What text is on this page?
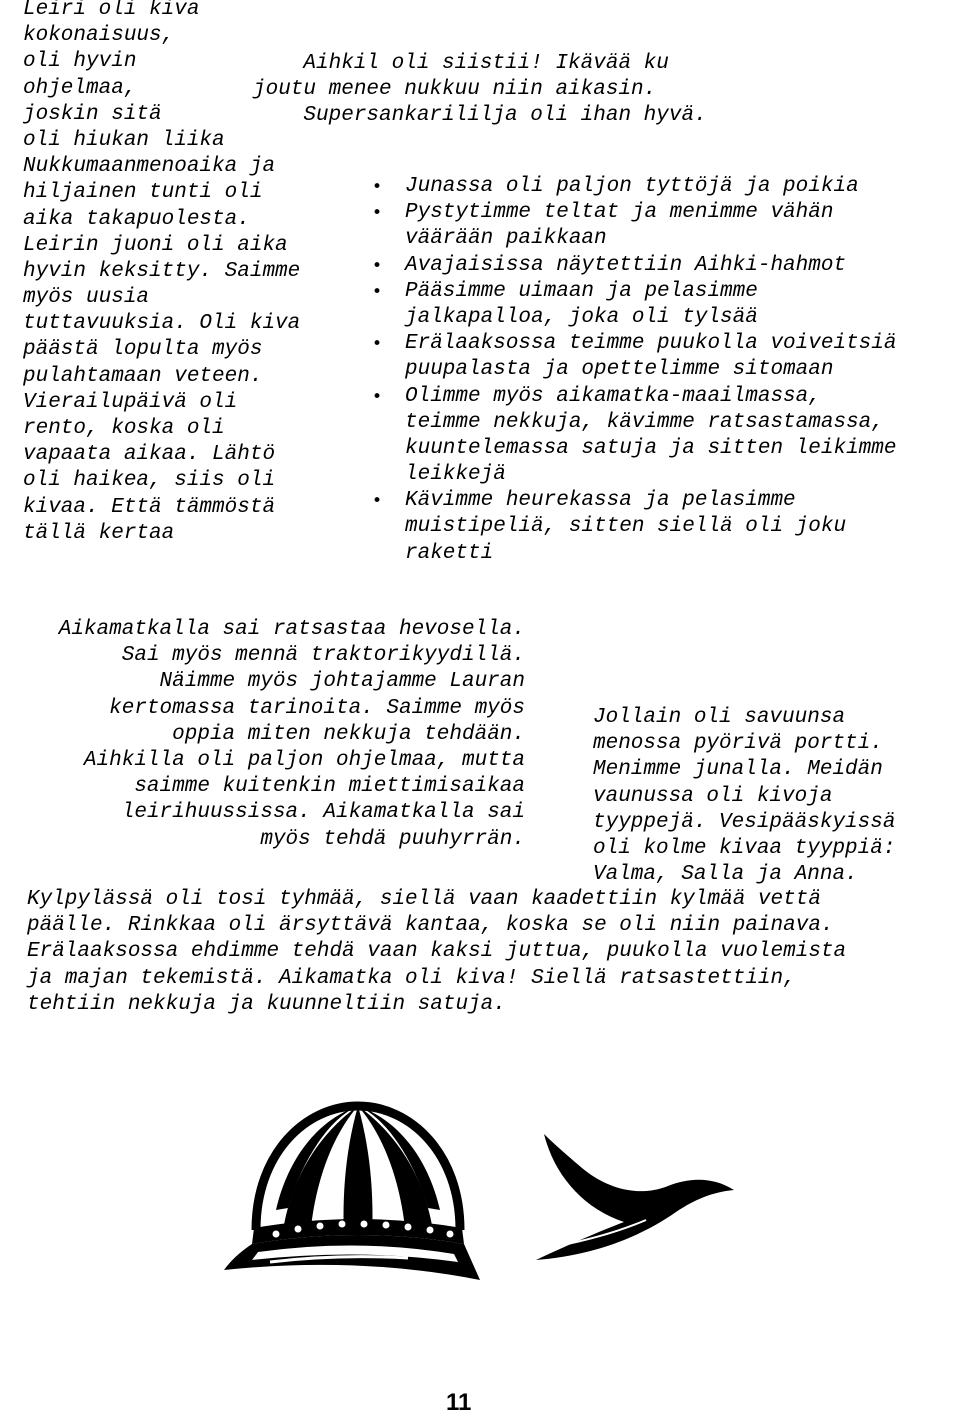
Leiri oli kiva
kokonaisuus,
oli hyvin
ohjelmaa,
joskin sitä
oli hiukan liika
Nukkumaanmenoaika ja
hiljainen tunti oli
aika takapuolesta.
Leirin juoni oli aika
hyvin keksitty. Saimme
myös uusia
tuttavuuksia. Oli kiva
päästä lopulta myös
pulahtamaan veteen.
Vierailupäivä oli
rento, koska oli
vapaata aikaa. Lähtö
oli haikea, siis oli
kivaa. Että tämmöstä
tällä kertaa
Aihkil oli siistii! Ikävää ku
joutu menee nukkuu niin aikasin.
Supersankarililja oli ihan hyvä.
• Junassa oli paljon tyttöjä ja poikia
• Pystytimme teltat ja menimme vähän
väärään paikkaan
• Avajaisissa näytettiin Aihki-hahmot
• Pääsimme uimaan ja pelasimme
jalkapalloa, joka oli tylsää
• Erälaaksossa teimme puukolla voiveitsiä
puupalasta ja opettelimme sitomaan
• Olimme myös aikamatka-maailmassa,
teimme nekkuja, kävimme ratsastamassa,
kuuntelemassa satuja ja sitten leikimme
leikkejä
• Kävimme heurekassa ja pelasimme
muistipeliä, sitten siellä oli joku
raketti
Aikamatkalla sai ratsastaa hevosella.
Sai myös mennä traktorikyydillä.
Näimme myös johtajamme Lauran
kertomassa tarinoita. Saimme myös
oppia miten nekkuja tehdään.
Aihkilla oli paljon ohjelmaa, mutta
saimme kuitenkin miettimisaikaa
leirihuussissa. Aikamatkalla sai
myös tehdä puuhyrrän.
Jollain oli savuunsa
menossa pyörivä portti.
Menimme junalla. Meidän
vaunussa oli kivoja
tyyppejä. Vesipääskyissä
oli kolme kivaa tyyppiä:
Valma, Salla ja Anna.
Kylpylässä oli tosi tyhmää, siellä vaan kaadettiin kylmää vettä
päälle. Rinkkaa oli ärsyttävä kantaa, koska se oli niin painava.
Erälaaksossa ehdimme tehdä vaan kaksi juttua, puukolla vuolemista
ja majan tekemistä. Aikamatka oli kiva! Siellä ratsastettiin,
tehtiin nekkuja ja kuunneltiin satuja.
11
